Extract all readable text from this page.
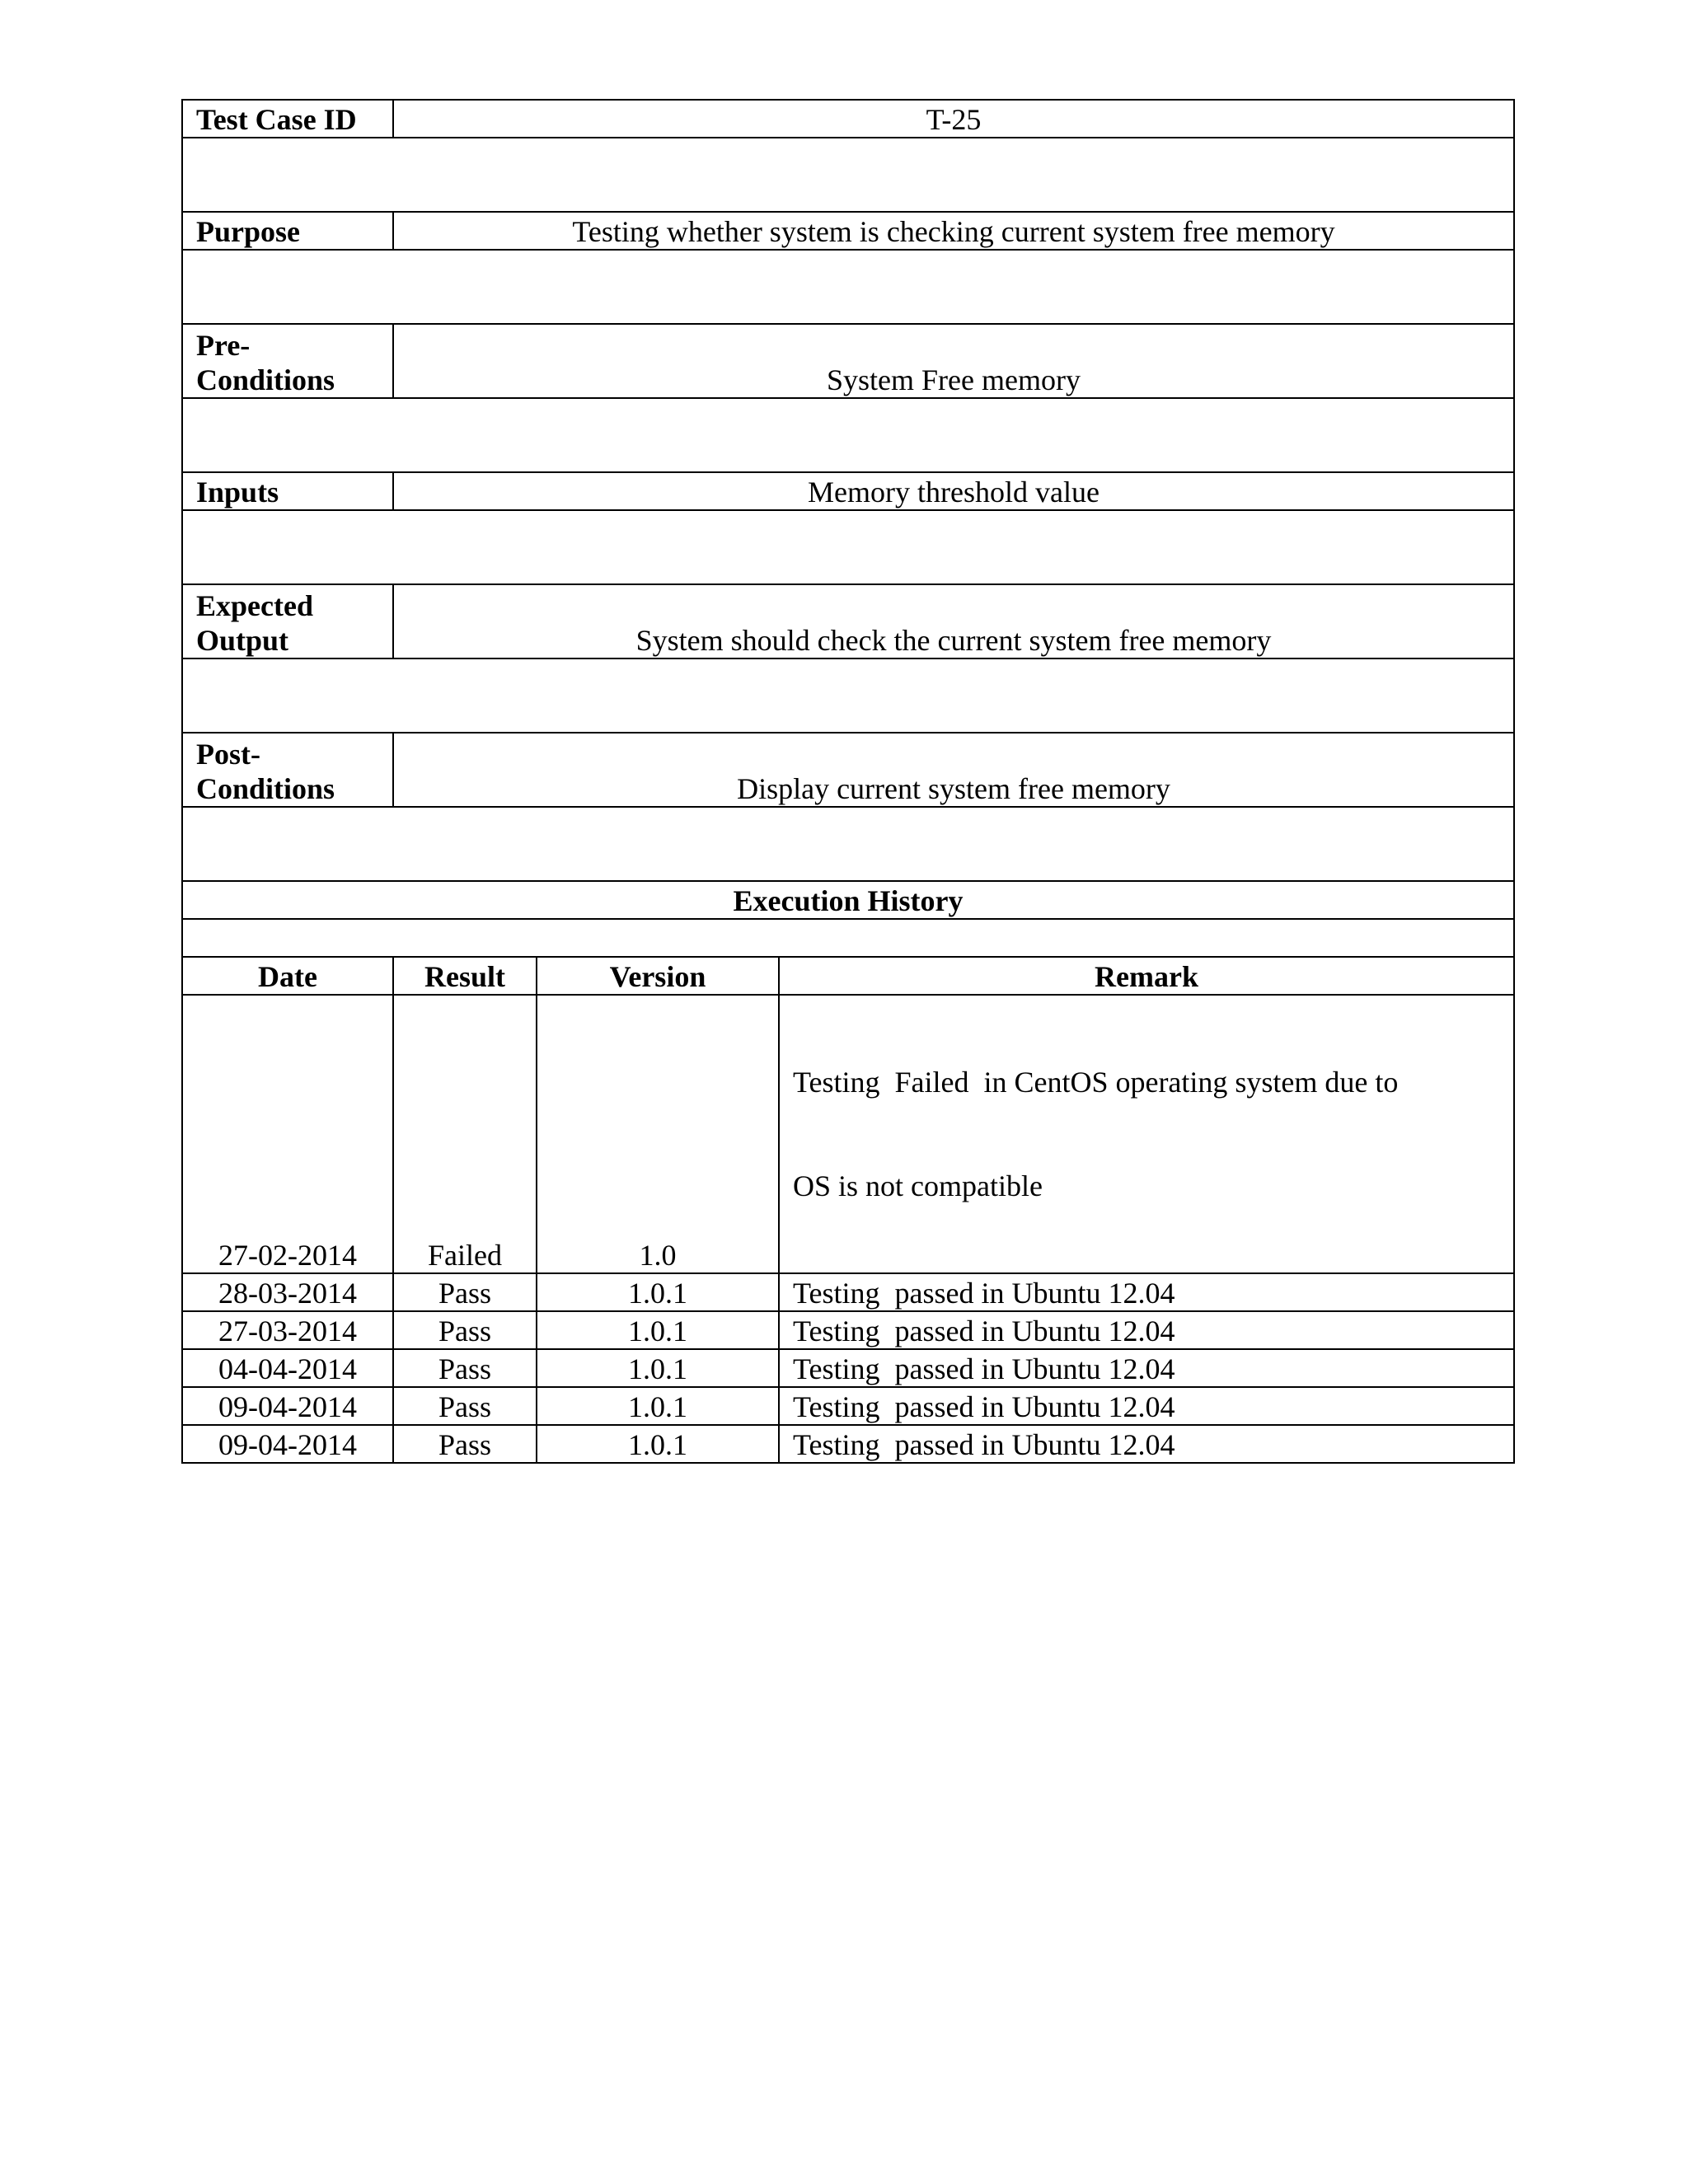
Test Case ID	T-25		

Purpose	Testing whether system is checking current system free memory		

Pre-
Conditions	System Free memory		

Inputs	Memory threshold value		

Expected
Output	System should check the current system free memory		

Post-
Conditions	Display current system free memory		

Execution History			

Date	Result	Version	Remark
27-02-2014	Failed	1.0	Testing  Failed  in CentOS operating system due to

OS is not compatible

28-03-2014	Pass	1.0.1	Testing  passed in Ubuntu 12.04
27-03-2014	Pass	1.0.1	Testing  passed in Ubuntu 12.04
04-04-2014	Pass	1.0.1	Testing  passed in Ubuntu 12.04
09-04-2014	Pass	1.0.1	Testing  passed in Ubuntu 12.04
09-04-2014	Pass	1.0.1	Testing  passed in Ubuntu 12.04
